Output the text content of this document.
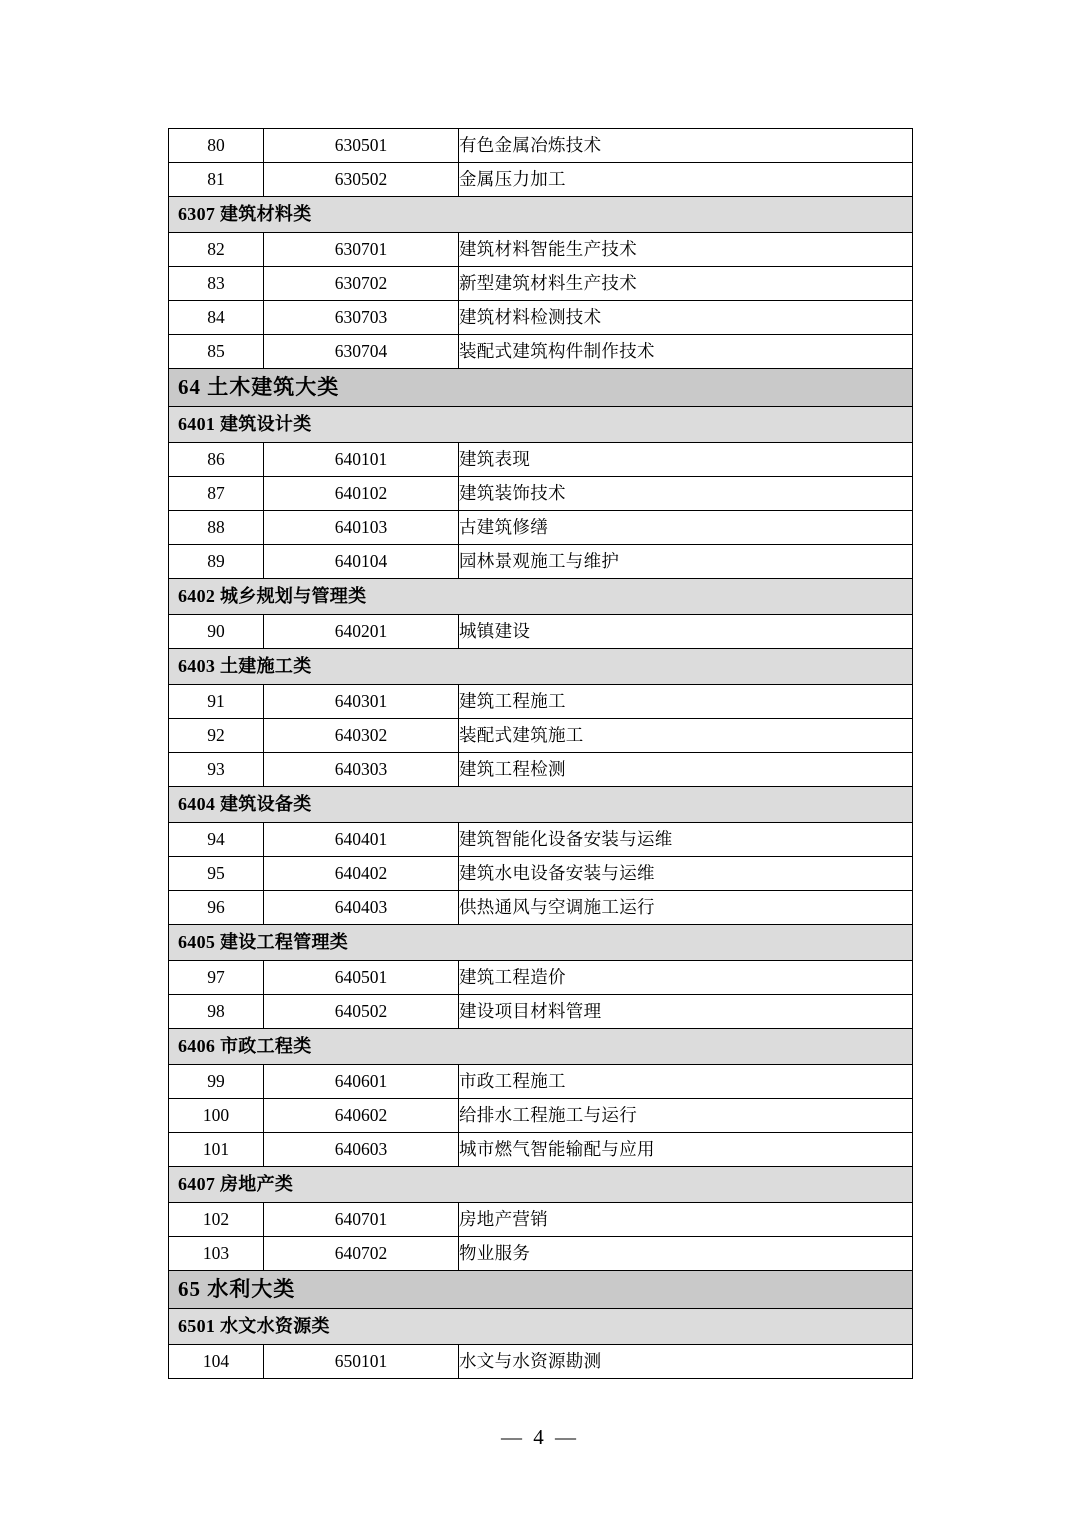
80	630501	有色金属冶炼技术
81	630502	金属压力加工
6307 建筑材料类		
82	630701	建筑材料智能生产技术
83	630702	新型建筑材料生产技术
84	630703	建筑材料检测技术
85	630704	装配式建筑构件制作技术
64 土木建筑大类		
6401 建筑设计类		
86	640101	建筑表现
87	640102	建筑装饰技术
88	640103	古建筑修缮
89	640104	园林景观施工与维护
6402 城乡规划与管理类		
90	640201	城镇建设
6403 土建施工类		
91	640301	建筑工程施工
92	640302	装配式建筑施工
93	640303	建筑工程检测
6404 建筑设备类		
94	640401	建筑智能化设备安装与运维
95	640402	建筑水电设备安装与运维
96	640403	供热通风与空调施工运行
6405 建设工程管理类		
97	640501	建筑工程造价
98	640502	建设项目材料管理
6406 市政工程类		
99	640601	市政工程施工
100	640602	给排水工程施工与运行
101	640603	城市燃气智能输配与应用
6407 房地产类		
102	640701	房地产营销
103	640702	物业服务
65 水利大类		
6501 水文水资源类		
104	650101	水文与水资源勘测
— 4 —
